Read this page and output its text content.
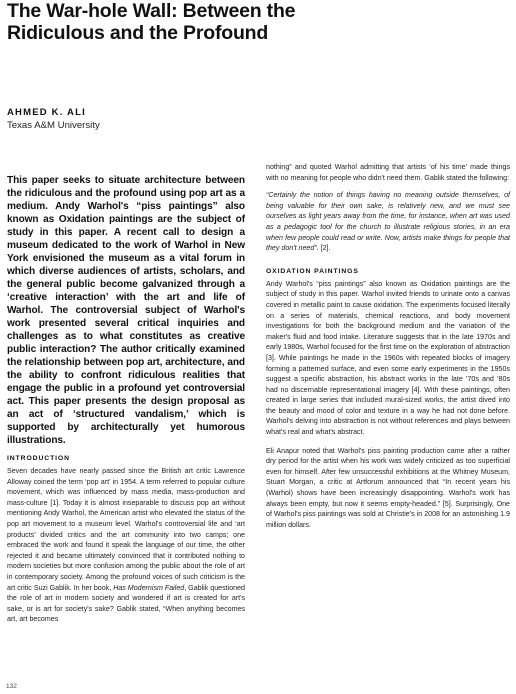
The War-hole Wall: Between the Ridiculous and the Profound
AHMED K. ALI
Texas A&M University

This paper seeks to situate architecture between the ridiculous and the profound using pop art as a medium. Andy Warhol's “piss paintings” also known as Oxidation paintings are the subject of study in this paper. A recent call to design a museum dedicated to the work of Warhol in New York envisioned the museum as a vital forum in which diverse audiences of artists, scholars, and the general public become galvanized through a ‘creative interaction’ with the art and life of Warhol. The controversial subject of Warhol's work presented several critical inquiries and challenges as to what constitutes as creative public interaction? The author critically examined the relationship between pop art, architecture, and the ability to confront ridiculous realities that engage the public in a profound yet controversial act. This paper presents the design proposal as an act of ‘structured vandalism,’ which is supported by architecturally yet humorous illustrations.

INTRODUCTION

Seven decades have nearly passed since the British art critic Lawrence Alloway coined the term ‘pop art’ in 1954. A term referred to popular culture movement, which was influenced by mass media, mass-production and mass-culture [1]. Today it is almost inseparable to discuss pop art without mentioning Andy Warhol, the American artist who elevated the status of the pop art movement to a museum level. Warhol's controversial life and ‘art products’ divided critics and the art community into two camps; one embraced the work and found it speak the language of our time, the other rejected it and became ultimately convinced that it contributed nothing to modern societies but more confusion among the public about the role of art in contemporary society. Among the profound voices of such criticism is the art critic Suzi Gablik. In her book, Has Modernism Failed, Gablik questioned the role of art in modern society and wondered if art is created for art's sake, or is art for society's sake? Gablik stated, “When anything becomes art, art becomes

nothing” and quoted Warhol admitting that artists ‘of his time’ made things with no meaning for people who didn't need them. Gablik stated the following:

“Certainly the notion of things having no meaning outside themselves, of being valuable for their own sake, is relatively new, and we must see ourselves as light years away from the time, for instance, when art was used as a pedagogic tool for the church to illustrate religious stories, in an era when few people could read or write. Now, artists make things for people that they don't need”. [2].

OXIDATION PAINTINGS

Andy Warhol's “piss paintings” also known as Oxidation paintings are the subject of study in this paper. Warhol invited friends to urinate onto a canvas covered in metallic paint to cause oxidation. The experiments focused literally on a series of materials, chemical reactions, and body movement investigations for both the background medium and the variation of the maker's fluid and food intake. Literature suggests that in the late 1970s and early 1980s, Warhol focused for the first time on the exploration of abstraction [3]. While paintings he made in the 1960s with repeated blocks of imagery forming a patterned surface, and even some early experiments in the 1950s suggest a specific abstraction, his abstract works in the late ’70s and ’80s had no discernable representational imagery [4]. With these paintings, often created in large series that included mural-sized works, the artist dived into the beauty and mood of color and texture in a way he had not done before. Warhol's delving into abstraction is not without references and plays between what's real and what's abstract.

Eli Anapur noted that Warhol's piss painting production came after a rather dry period for the artist when his work was widely criticized as too superficial even for himself. After few unsuccessful exhibitions at the Whitney Museum, Stuart Morgan, a critic at Artforum announced that “In recent years his (Warhol) shows have been increasingly disappointing. Warhol's work has always been empty, but now it seems empty-headed.” [5]. Surprisingly, One of Warhol's piss paintings was sold at Christie's in 2008 for an astonishing 1.9 million dollars.

132
